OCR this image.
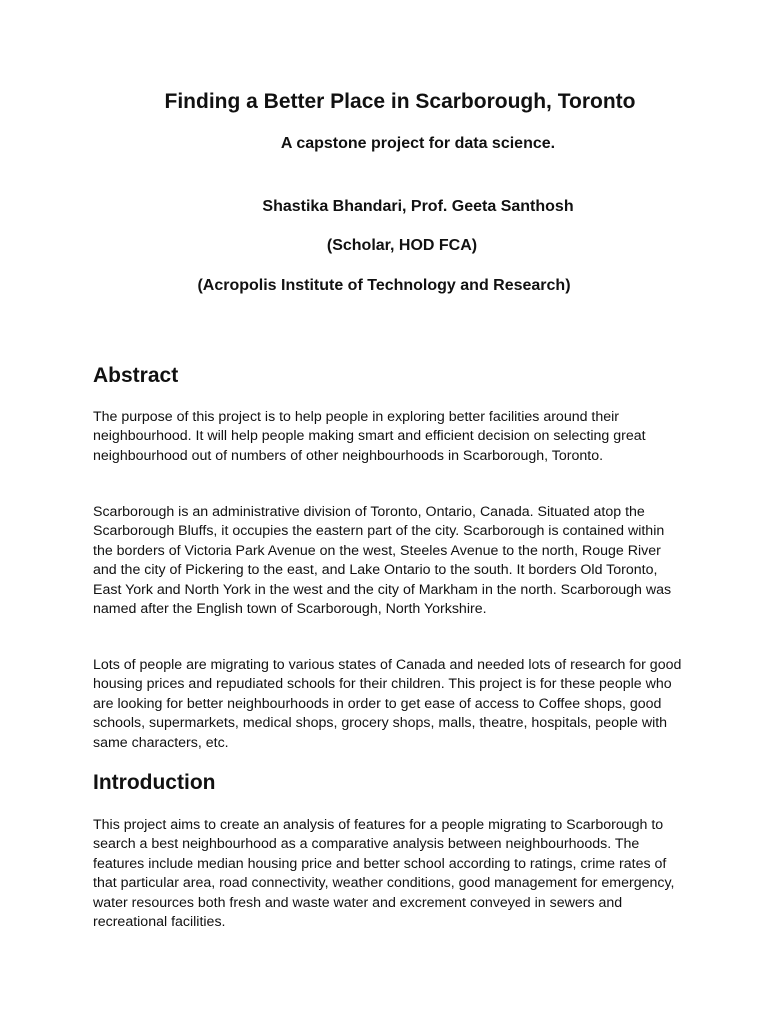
Finding a Better Place in Scarborough, Toronto

A capstone project for data science.

Shastika Bhandari, Prof. Geeta Santhosh

(Scholar, HOD FCA)

(Acropolis Institute of Technology and Research)

Abstract

The purpose of this project is to help people in exploring better facilities around their neighbourhood. It will help people making smart and efficient decision on selecting great neighbourhood out of numbers of other neighbourhoods in Scarborough, Toronto.

Scarborough is an administrative division of Toronto, Ontario, Canada. Situated atop the Scarborough Bluffs, it occupies the eastern part of the city. Scarborough is contained within the borders of Victoria Park Avenue on the west, Steeles Avenue to the north, Rouge River and the city of Pickering to the east, and Lake Ontario to the south. It borders Old Toronto, East York and North York in the west and the city of Markham in the north. Scarborough was named after the English town of Scarborough, North Yorkshire.

Lots of people are migrating to various states of Canada and needed lots of research for good housing prices and repudiated schools for their children. This project is for these people who are looking for better neighbourhoods in order to get ease of access to Coffee shops, good schools, supermarkets, medical shops, grocery shops, malls, theatre, hospitals, people with same characters, etc.

Introduction

This project aims to create an analysis of features for a people migrating to Scarborough to search a best neighbourhood as a comparative analysis between neighbourhoods. The features include median housing price and better school according to ratings, crime rates of that particular area, road connectivity, weather conditions, good management for emergency, water resources both fresh and waste water and excrement conveyed in sewers and recreational facilities.
